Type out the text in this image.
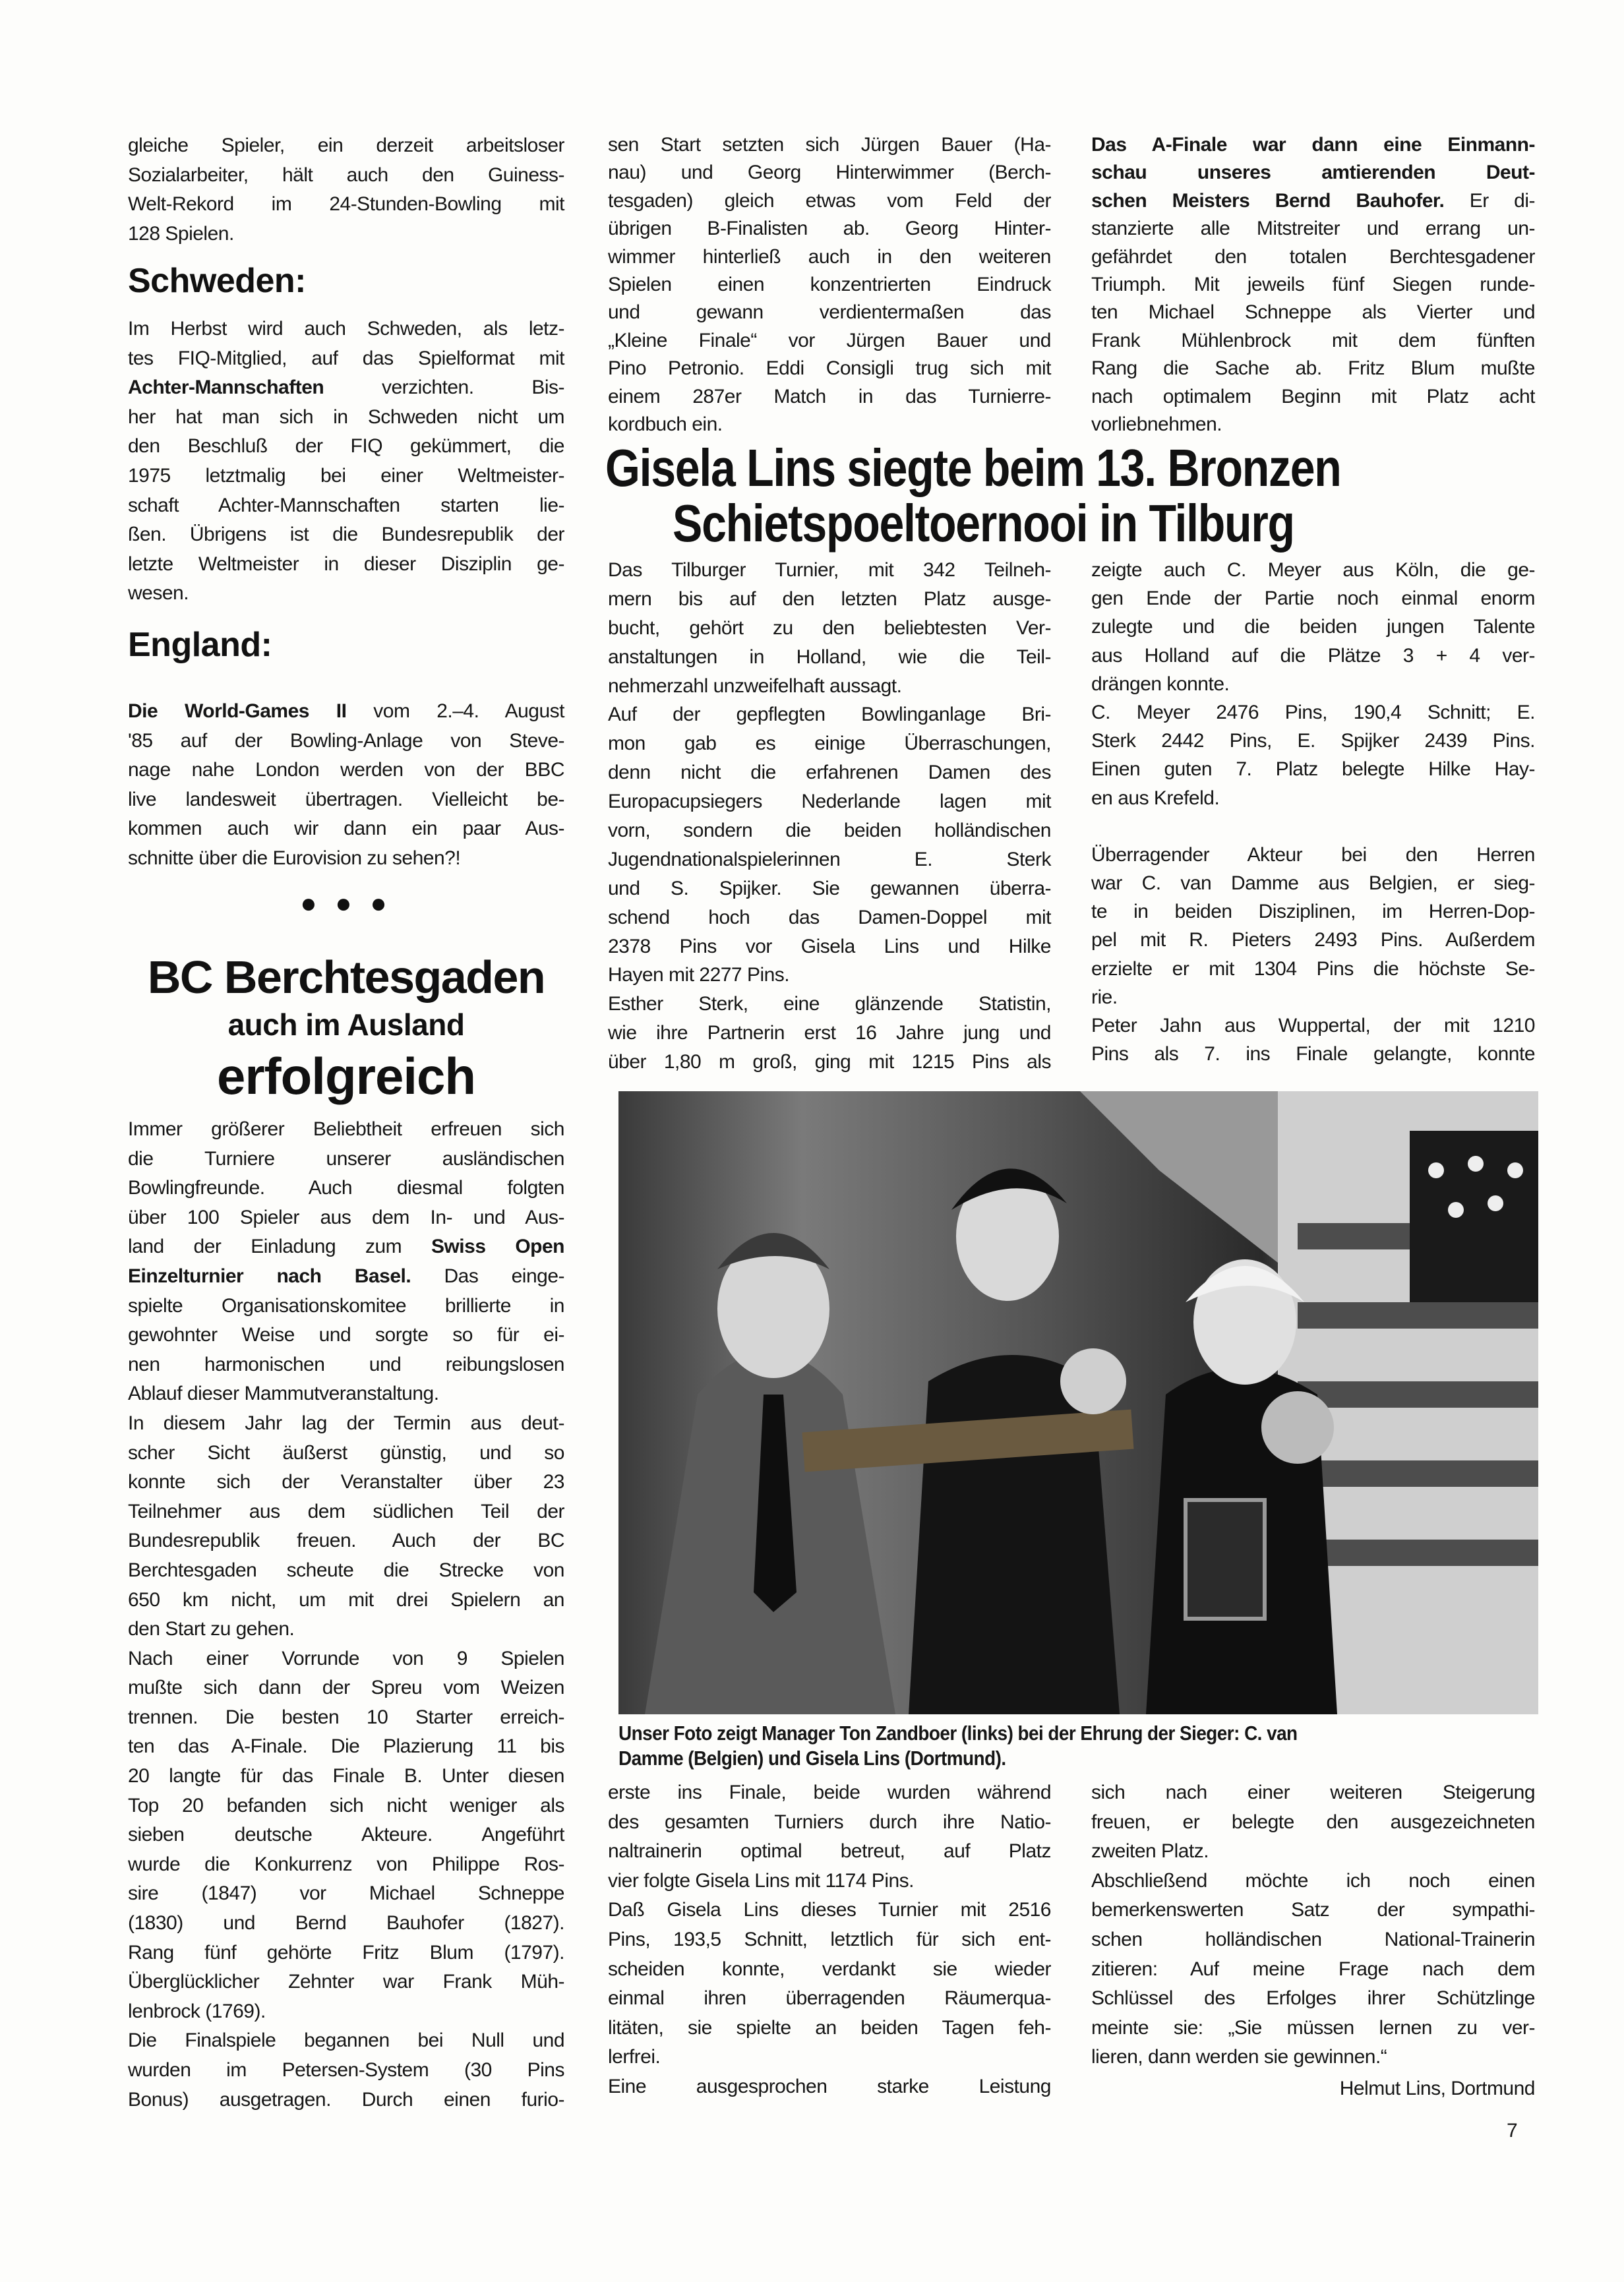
gleiche Spieler, ein derzeit arbeitsloser
Sozialarbeiter, hält auch den Guiness-
Welt-Rekord im 24-Stunden-Bowling mit
128 Spielen.
Schweden:
Im Herbst wird auch Schweden, als letz-
tes FIQ-Mitglied, auf das Spielformat mit
Achter-Mannschaften verzichten. Bis-
her hat man sich in Schweden nicht um
den Beschluß der FIQ gekümmert, die
1975 letztmalig bei einer Weltmeister-
schaft Achter-Mannschaften starten lie-
ßen. Übrigens ist die Bundesrepublik der
letzte Weltmeister in dieser Disziplin ge-
wesen.
England:
Die World-Games II vom 2.–4. August
'85 auf der Bowling-Anlage von Steve-
nage nahe London werden von der BBC
live landesweit übertragen. Vielleicht be-
kommen auch wir dann ein paar Aus-
schnitte über die Eurovision zu sehen?!
● ● ●
BC Berchtesgaden
auch im Ausland
erfolgreich
Immer größerer Beliebtheit erfreuen sich
die Turniere unserer ausländischen
Bowlingfreunde. Auch diesmal folgten
über 100 Spieler aus dem In- und Aus-
land der Einladung zum Swiss Open
Einzelturnier nach Basel. Das einge-
spielte Organisationskomitee brillierte in
gewohnter Weise und sorgte so für ei-
nen harmonischen und reibungslosen
Ablauf dieser Mammutveranstaltung.
In diesem Jahr lag der Termin aus deut-
scher Sicht äußerst günstig, und so
konnte sich der Veranstalter über 23
Teilnehmer aus dem südlichen Teil der
Bundesrepublik freuen. Auch der BC
Berchtesgaden scheute die Strecke von
650 km nicht, um mit drei Spielern an
den Start zu gehen.
Nach einer Vorrunde von 9 Spielen
mußte sich dann der Spreu vom Weizen
trennen. Die besten 10 Starter erreich-
ten das A-Finale. Die Plazierung 11 bis
20 langte für das Finale B. Unter diesen
Top 20 befanden sich nicht weniger als
sieben deutsche Akteure. Angeführt
wurde die Konkurrenz von Philippe Ros-
sire (1847) vor Michael Schneppe
(1830) und Bernd Bauhofer (1827).
Rang fünf gehörte Fritz Blum (1797).
Überglücklicher Zehnter war Frank Müh-
lenbrock (1769).
Die Finalspiele begannen bei Null und
wurden im Petersen-System (30 Pins
Bonus) ausgetragen. Durch einen furio-
sen Start setzten sich Jürgen Bauer (Ha-
nau) und Georg Hinterwimmer (Berch-
tesgaden) gleich etwas vom Feld der
übrigen B-Finalisten ab. Georg Hinter-
wimmer hinterließ auch in den weiteren
Spielen einen konzentrierten Eindruck
und gewann verdientermaßen das
„Kleine Finale“ vor Jürgen Bauer und
Pino Petronio. Eddi Consigli trug sich mit
einem 287er Match in das Turnierre-
kordbuch ein.
Das A-Finale war dann eine Einmann-
schau unseres amtierenden Deut-
schen Meisters Bernd Bauhofer. Er di-
stanzierte alle Mitstreiter und errang un-
gefährdet den totalen Berchtesgadener
Triumph. Mit jeweils fünf Siegen runde-
ten Michael Schneppe als Vierter und
Frank Mühlenbrock mit dem fünften
Rang die Sache ab. Fritz Blum mußte
nach optimalem Beginn mit Platz acht
vorliebnehmen.
Gisela Lins siegte beim 13. Bronzen
Schietspoeltoernooi in Tilburg
Das Tilburger Turnier, mit 342 Teilneh-
mern bis auf den letzten Platz ausge-
bucht, gehört zu den beliebtesten Ver-
anstaltungen in Holland, wie die Teil-
nehmerzahl unzweifelhaft aussagt.
Auf der gepflegten Bowlinganlage Bri-
mon gab es einige Überraschungen,
denn nicht die erfahrenen Damen des
Europacupsiegers Nederlande lagen mit
vorn, sondern die beiden holländischen
Jugendnationalspielerinnen E. Sterk
und S. Spijker. Sie gewannen überra-
schend hoch das Damen-Doppel mit
2378 Pins vor Gisela Lins und Hilke
Hayen mit 2277 Pins.
Esther Sterk, eine glänzende Statistin,
wie ihre Partnerin erst 16 Jahre jung und
über 1,80 m groß, ging mit 1215 Pins als
zeigte auch C. Meyer aus Köln, die ge-
gen Ende der Partie noch einmal enorm
zulegte und die beiden jungen Talente
aus Holland auf die Plätze 3 + 4 ver-
drängen konnte.
C. Meyer 2476 Pins, 190,4 Schnitt; E.
Sterk 2442 Pins, E. Spijker 2439 Pins.
Einen guten 7. Platz belegte Hilke Hay-
en aus Krefeld.

Überragender Akteur bei den Herren
war C. van Damme aus Belgien, er sieg-
te in beiden Disziplinen, im Herren-Dop-
pel mit R. Pieters 2493 Pins. Außerdem
erzielte er mit 1304 Pins die höchste Se-
rie.
Peter Jahn aus Wuppertal, der mit 1210
Pins als 7. ins Finale gelangte, konnte
Unser Foto zeigt Manager Ton Zandboer (links) bei der Ehrung der Sieger: C. van
Damme (Belgien) und Gisela Lins (Dortmund).
erste ins Finale, beide wurden während
des gesamten Turniers durch ihre Natio-
naltrainerin optimal betreut, auf Platz
vier folgte Gisela Lins mit 1174 Pins.
Daß Gisela Lins dieses Turnier mit 2516
Pins, 193,5 Schnitt, letztlich für sich ent-
scheiden konnte, verdankt sie wieder
einmal ihren überragenden Räumerqua-
litäten, sie spielte an beiden Tagen feh-
lerfrei.
Eine ausgesprochen starke Leistung
sich nach einer weiteren Steigerung
freuen, er belegte den ausgezeichneten
zweiten Platz.
Abschließend möchte ich noch einen
bemerkenswerten Satz der sympathi-
schen holländischen National-Trainerin
zitieren: Auf meine Frage nach dem
Schlüssel des Erfolges ihrer Schützlinge
meinte sie: „Sie müssen lernen zu ver-
lieren, dann werden sie gewinnen.“
Helmut Lins, Dortmund
7
